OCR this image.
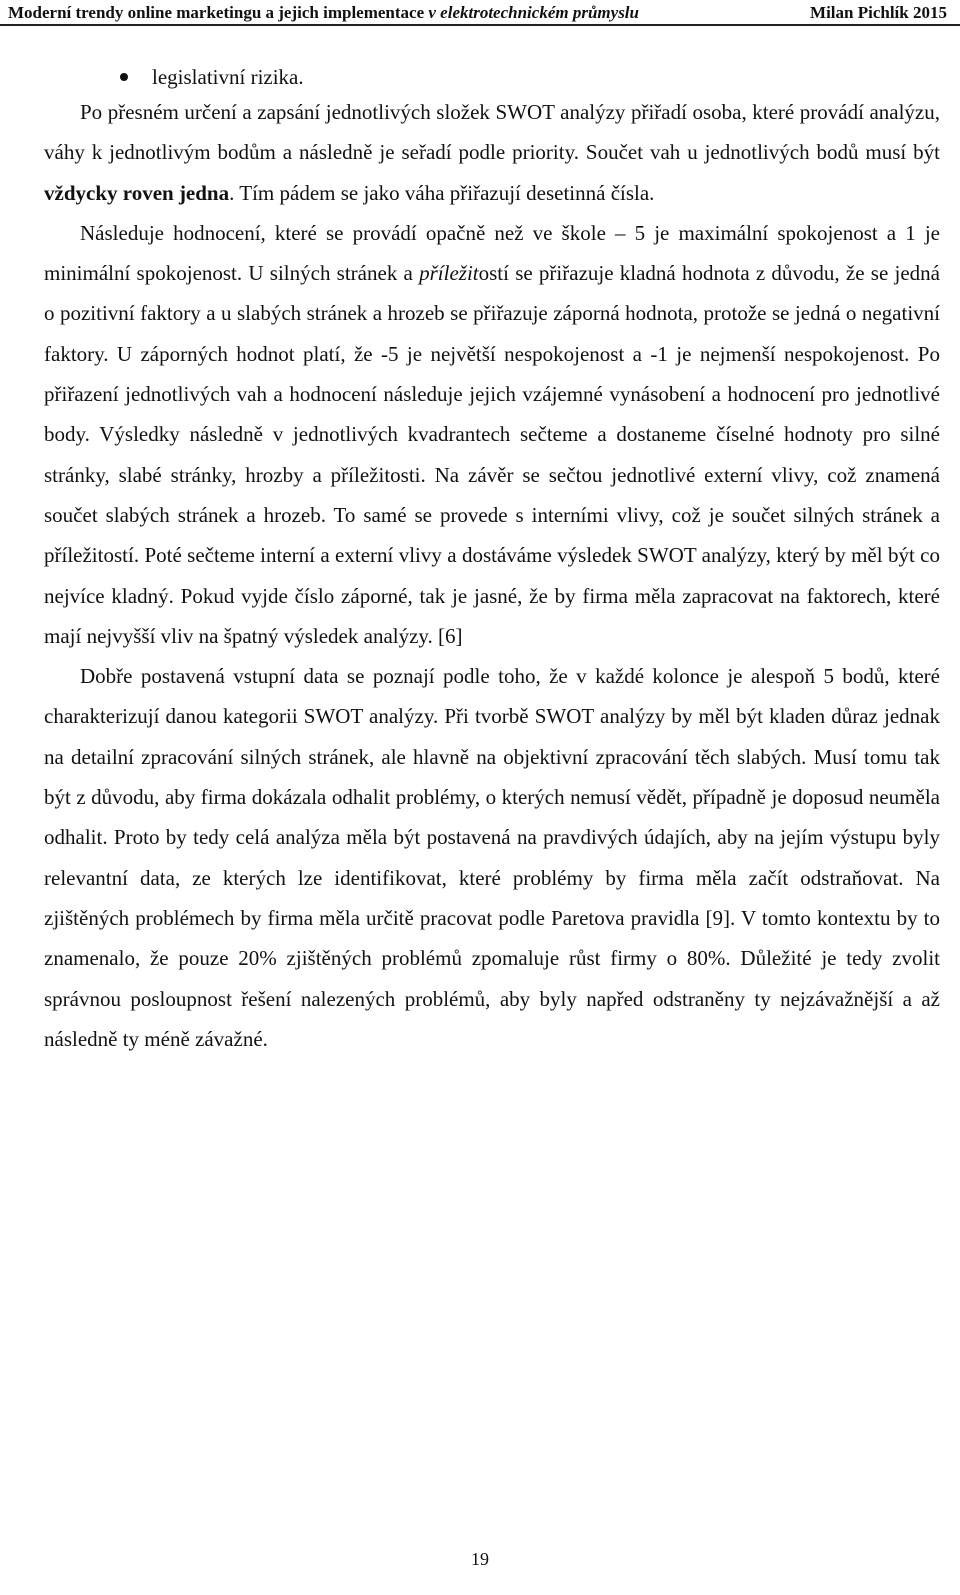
Moderní trendy online marketingu a jejich implementace v elektrotechnickém průmyslu	Milan Pichlík 2015
legislativní rizika.

Po přesném určení a zapsání jednotlivých složek SWOT analýzy přiřadí osoba, které provádí analýzu, váhy k jednotlivým bodům a následně je seřadí podle priority. Součet vah u jednotlivých bodů musí být vždycky roven jedna. Tím pádem se jako váha přiřazují desetinná čísla.

Následuje hodnocení, které se provádí opačně než ve škole – 5 je maximální spokojenost a 1 je minimální spokojenost. U silných stránek a příležitostí se přiřazuje kladná hodnota z důvodu, že se jedná o pozitivní faktory a u slabých stránek a hrozeb se přiřazuje záporná hodnota, protože se jedná o negativní faktory. U záporných hodnot platí, že -5 je největší nespokojenost a -1 je nejmenší nespokojenost. Po přiřazení jednotlivých vah a hodnocení následuje jejich vzájemné vynásobení a hodnocení pro jednotlivé body. Výsledky následně v jednotlivých kvadrantech sečteme a dostaneme číselné hodnoty pro silné stránky, slabé stránky, hrozby a příležitosti. Na závěr se sečtou jednotlivé externí vlivy, což znamená součet slabých stránek a hrozeb. To samé se provede s interními vlivy, což je součet silných stránek a příležitostí. Poté sečteme interní a externí vlivy a dostáváme výsledek SWOT analýzy, který by měl být co nejvíce kladný. Pokud vyjde číslo záporné, tak je jasné, že by firma měla zapracovat na faktorech, které mají nejvyšší vliv na špatný výsledek analýzy. [6]

Dobře postavená vstupní data se poznají podle toho, že v každé kolonce je alespoň 5 bodů, které charakterizují danou kategorii SWOT analýzy. Při tvorbě SWOT analýzy by měl být kladen důraz jednak na detailní zpracování silných stránek, ale hlavně na objektivní zpracování těch slabých. Musí tomu tak být z důvodu, aby firma dokázala odhalit problémy, o kterých nemusí vědět, případně je doposud neuměla odhalit. Proto by tedy celá analýza měla být postavená na pravdivých údajích, aby na jejím výstupu byly relevantní data, ze kterých lze identifikovat, které problémy by firma měla začít odstraňovat. Na zjištěných problémech by firma měla určitě pracovat podle Paretova pravidla [9]. V tomto kontextu by to znamenalo, že pouze 20% zjištěných problémů zpomaluje růst firmy o 80%. Důležité je tedy zvolit správnou posloupnost řešení nalezených problémů, aby byly napřed odstraněny ty nejzávažnější a až následně ty méně závažné.

19
